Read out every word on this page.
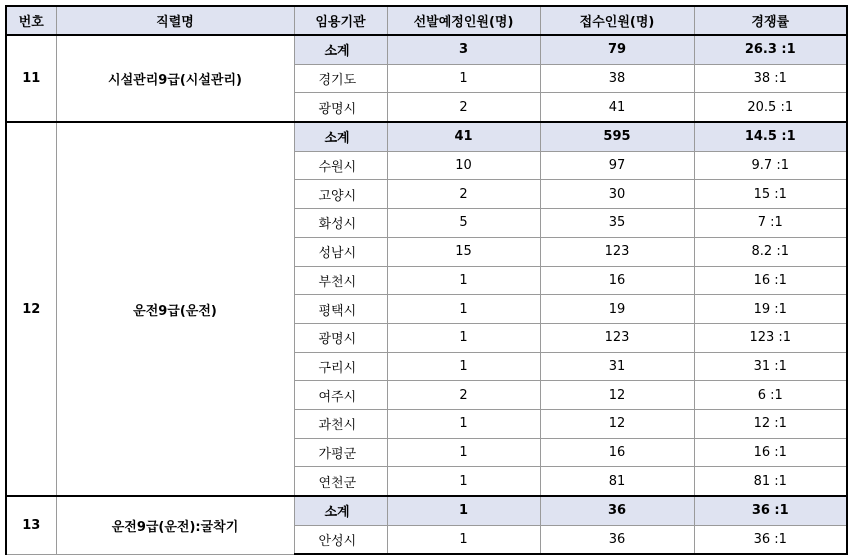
번호	직렬명	임용기관	선발예정인원(명)	접수인원(명)	경쟁률
11	시설관리9급(시설관리)	소계	3	79	26.3 :1
		경기도	1	38	38 :1
		광명시	2	41	20.5 :1
12	운전9급(운전)	소계	41	595	14.5 :1
		수원시	10	97	9.7 :1
		고양시	2	30	15 :1
		화성시	5	35	7 :1
		성남시	15	123	8.2 :1
		부천시	1	16	16 :1
		평택시	1	19	19 :1
		광명시	1	123	123 :1
		구리시	1	31	31 :1
		여주시	2	12	6 :1
		과천시	1	12	12 :1
		가평군	1	16	16 :1
		연천군	1	81	81 :1
13	운전9급(운전):굴착기	소계	1	36	36 :1
		안성시	1	36	36 :1
